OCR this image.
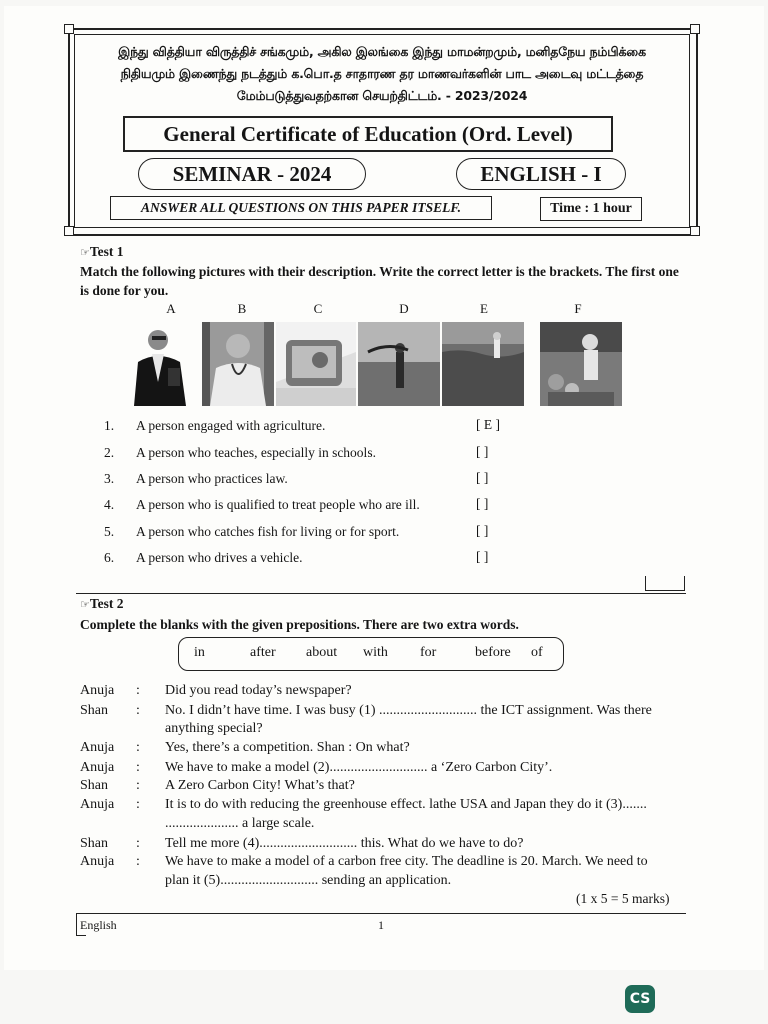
இந்து வித்தியா விருத்திச் சங்கமும், அகில இலங்கை இந்து மாமன்றமும், மனிதநேய நம்பிக்கை
நிதியமும் இணைந்து நடத்தும் க.பொ.த சாதாரண தர மாணவர்களின் பாட அடைவு மட்டத்தை
மேம்படுத்துவதற்கான செயற்திட்டம். - 2023/2024
General Certificate of Education (Ord. Level)
SEMINAR - 2024	ENGLISH - I
ANSWER ALL QUESTIONS ON THIS PAPER ITSELF.	Time : 1 hour
☞Test 1
Match the following pictures with their description. Write the correct letter is the brackets. The first one is done for you.
A	B	C	D	E	F
1. A person engaged with agriculture.	[ E ]
2. A person who teaches, especially in schools.	[ ]
3. A person who practices law.	[ ]
4. A person who is qualified to treat people who are ill.	[ ]
5. A person who catches fish for living or for sport.	[ ]
6. A person who drives a vehicle.	[ ]
☞Test 2
Complete the blanks with the given prepositions. There are two extra words.
in	after about with for	before of
Anuja : Did you read today’s newspaper?
Shan : No. I didn’t have time. I was busy (1) ............................ the ICT assignment. Was there
anything special?
Anuja : Yes, there’s a competition. Shan : On what?
Anuja : We have to make a model (2)............................ a ‘Zero Carbon City’.
Shan : A Zero Carbon City! What’s that?
Anuja : It is to do with reducing the greenhouse effect. lathe USA and Japan they do it (3).......
..................... a large scale.
Shan : Tell me more (4)............................ this. What do we have to do?
Anuja : We have to make a model of a carbon free city. The deadline is 20. March. We need to
plan it (5)............................ sending an application.
(1 x 5 = 5 marks)
English	1
CS
